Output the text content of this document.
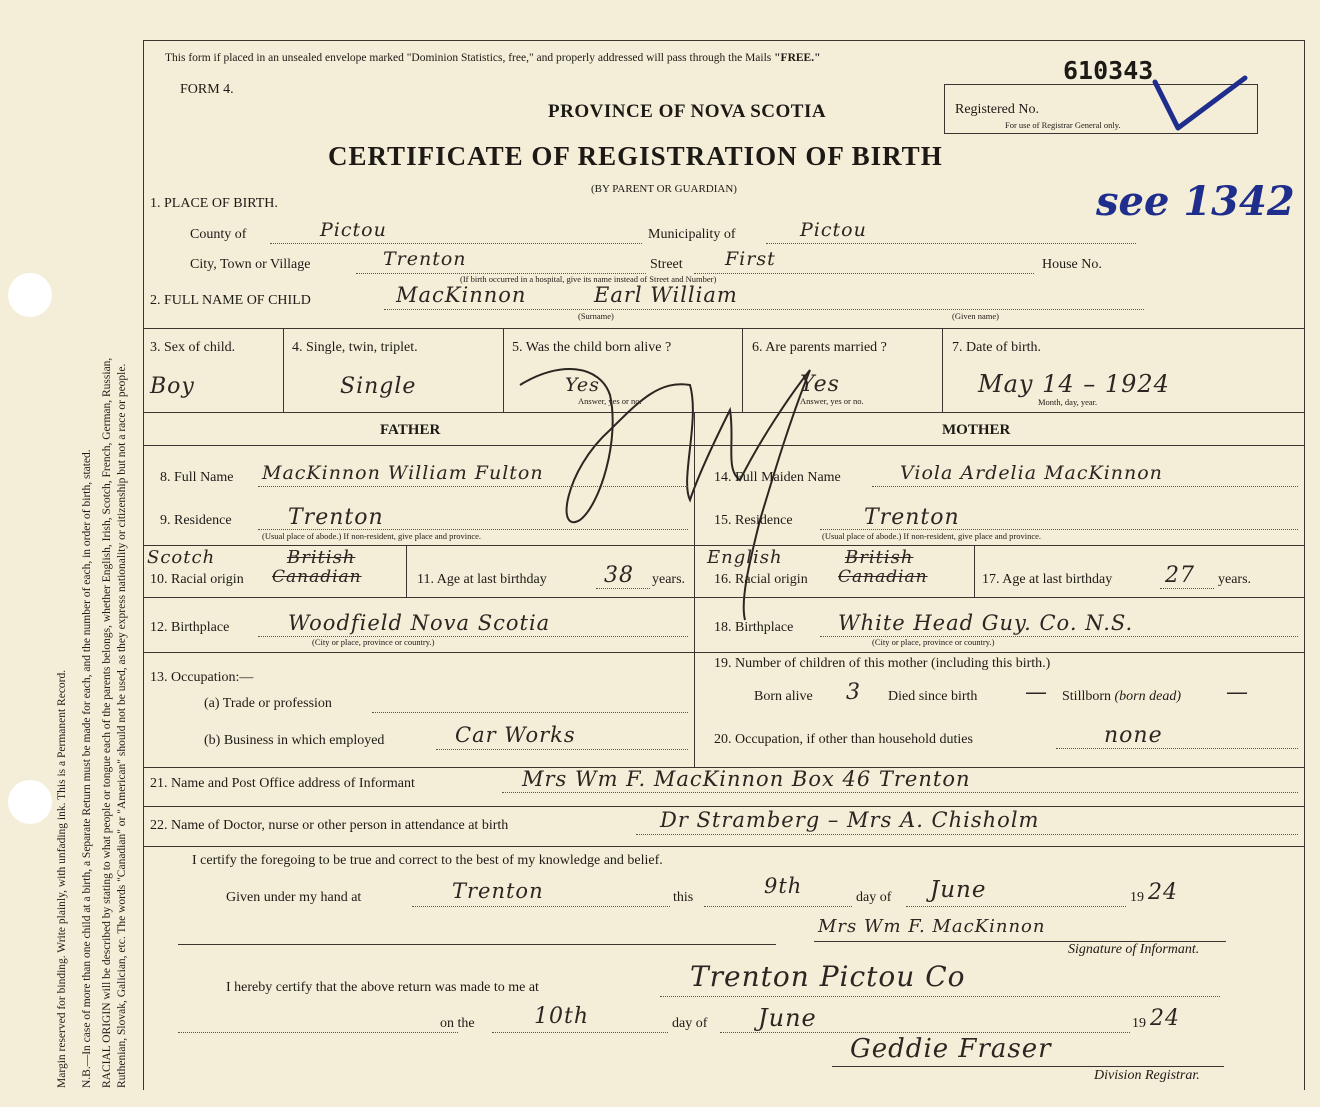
Margin reserved for binding. Write plainly, with unfading ink. This is a Permanent Record. N.B.—In case of more than one child at a birth, a Separate Return must be made for each, and the number of each, in order of birth, stated. RACIAL ORIGIN will be described by stating to what people or tongue each of the parents belongs, whether English, Irish, Scotch, French, German, Russian, Ruthenian, Slovak, Galician, etc. The words "Canadian" or "American" should not be used, as they express nationality or citizenship but not a race or people.
This form if placed in an unsealed envelope marked "Dominion Statistics, free," and properly addressed will pass through the Mails "FREE."	610343
FORM 4.
PROVINCE OF NOVA SCOTIA	Registered No.
For use of Registrar General only.
CERTIFICATE OF REGISTRATION OF BIRTH
(BY PARENT OR GUARDIAN)	see 1342
1. PLACE OF BIRTH.
County of	Pictou	Municipality of	Pictou
City, Town or Village	Trenton	Street First
(If birth occurred in a hospital, give its name instead of Street and Number)
House No.
2. FULL NAME OF CHILD	MacKinnon	Earl William
(Surname)	(Given name)
3. Sex of child.
Boy
4. Single, twin, triplet.
Single
5. Was the child born alive ?
Yes
Answer, yes or no.
6. Are parents married ?
Yes
Answer, yes or no.
7. Date of birth.
May 14 – 1924
Month, day, year.
FATHER	MOTHER
8. Full Name MacKinnon William Fulton
9. Residence	Trenton
(Usual place of abode.) If non-resident, give place and province.
Scotch	British
10. Racial origin Canadian	11. Age at last birthday	38 years.
12. Birthplace	Woodfield Nova Scotia
(City or place, province or country.)
13. Occupation:—
(a) Trade or profession
(b) Business in which employed	Car Works
14. Full Maiden Name	Viola Ardelia MacKinnon
15. Residence	Trenton
(Usual place of abode.) If non-resident, give place and province.
English	British
16. Racial origin Canadian	17. Age at last birthday 27 years.
18. Birthplace White Head Guy. Co. N.S.
(City or place, province or country.)
19. Number of children of this mother (including this birth.)
Born alive 3 Died since birth — Stillborn (born dead) —
20. Occupation, if other than household duties	none
21. Name and Post Office address of Informant	Mrs Wm F. MacKinnon Box 46 Trenton
22. Name of Doctor, nurse or other person in attendance at birth	Dr Stramberg – Mrs A. Chisholm
I certify the foregoing to be true and correct to the best of my knowledge and belief.
Given under my hand at	Trenton	this	9th	day of June	19 24
Mrs Wm F. MacKinnon
Signature of Informant.
I hereby certify that the above return was made to me at	Trenton Pictou Co
on the	10th	day of June	19 24
Geddie Fraser
Division Registrar.
